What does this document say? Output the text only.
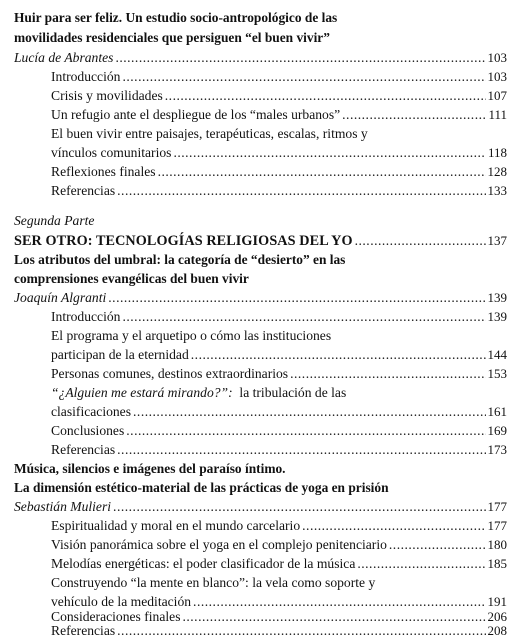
Huir para ser feliz. Un estudio socio-antropológico de las
movilidades residenciales que persiguen “el buen vivir”
Lucía de Abrantes .....	103
Introducción .....	103
Crisis y movilidades .....	107
Un refugio ante el despliegue de los “males urbanos” .....	111
El buen vivir entre paisajes, terapéuticas, escalas, ritmos y
vínculos comunitarios .....	118
Reflexiones finales .....	128
Referencias .....	133
Segunda Parte
SER OTRO: TECNOLOGÍAS RELIGIOSAS DEL YO .....	137
Los atributos del umbral: la categoría de “desierto” en las
comprensiones evangélicas del buen vivir
Joaquín Algranti .....	139
Introducción .....	139
El programa y el arquetipo o cómo las instituciones
participan de la eternidad .....	144
Personas comunes, destinos extraordinarios .....	153
“¿Alguien me estará mirando?”:  la tribulación de las
clasificaciones .....	161
Conclusiones .....	169
Referencias .....	173
Música, silencios e imágenes del paraíso íntimo.
La dimensión estético-material de las prácticas de yoga en prisión
Sebastián Mulieri .....	177
Espiritualidad y moral en el mundo carcelario .....	177
Visión panorámica sobre el yoga en el complejo penitenciario .....	180
Melodías energéticas: el poder clasificador de la música .....	185
Construyendo “la mente en blanco”: la vela como soporte y
vehículo de la meditación .....	191
Consideraciones finales .....	206
Referencias .....	208
